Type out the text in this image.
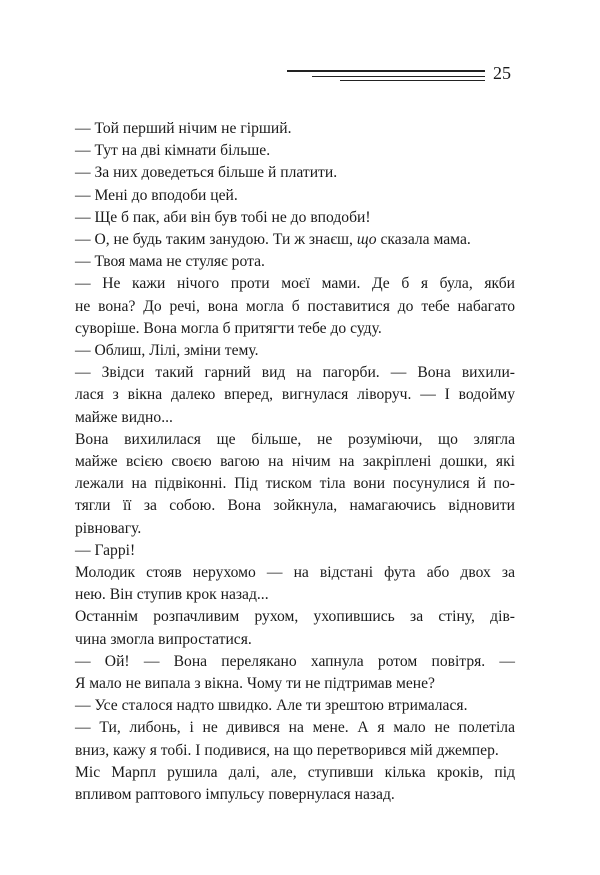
25
— Той перший нічим не гірший.
— Тут на дві кімнати більше.
— За них доведеться більше й платити.
— Мені до вподоби цей.
— Ще б пак, аби він був тобі не до вподоби!
— О, не будь таким занудою. Ти ж знаєш, що сказала мама.
— Твоя мама не стуляє рота.
— Не кажи нічого проти моєї мами. Де б я була, якби
не вона? До речі, вона могла б поставитися до тебе набагато
суворіше. Вона могла б притягти тебе до суду.
— Облиш, Лілі, зміни тему.
— Звідси такий гарний вид на пагорби. — Вона вихили-
лася з вікна далеко вперед, вигнулася ліворуч. — І водойму
майже видно...
Вона вихилилася ще більше, не розуміючи, що злягла
майже всією своєю вагою на нічим на закріплені дошки, які
лежали на підвіконні. Під тиском тіла вони посунулися й по-
тягли її за собою. Вона зойкнула, намагаючись відновити
рівновагу.
— Гаррі!
Молодик стояв нерухомо — на відстані фута або двох за
нею. Він ступив крок назад...
Останнім розпачливим рухом, ухопившись за стіну, дів-
чина змогла випростатися.
— Ой! — Вона перелякано хапнула ротом повітря. —
Я мало не випала з вікна. Чому ти не підтримав мене?
— Усе сталося надто швидко. Але ти зрештою втрималася.
— Ти, либонь, і не дивився на мене. А я мало не полетіла
вниз, кажу я тобі. І подивися, на що перетворився мій джемпер.
Міс Марпл рушила далі, але, ступивши кілька кроків, під
впливом раптового імпульсу повернулася назад.
